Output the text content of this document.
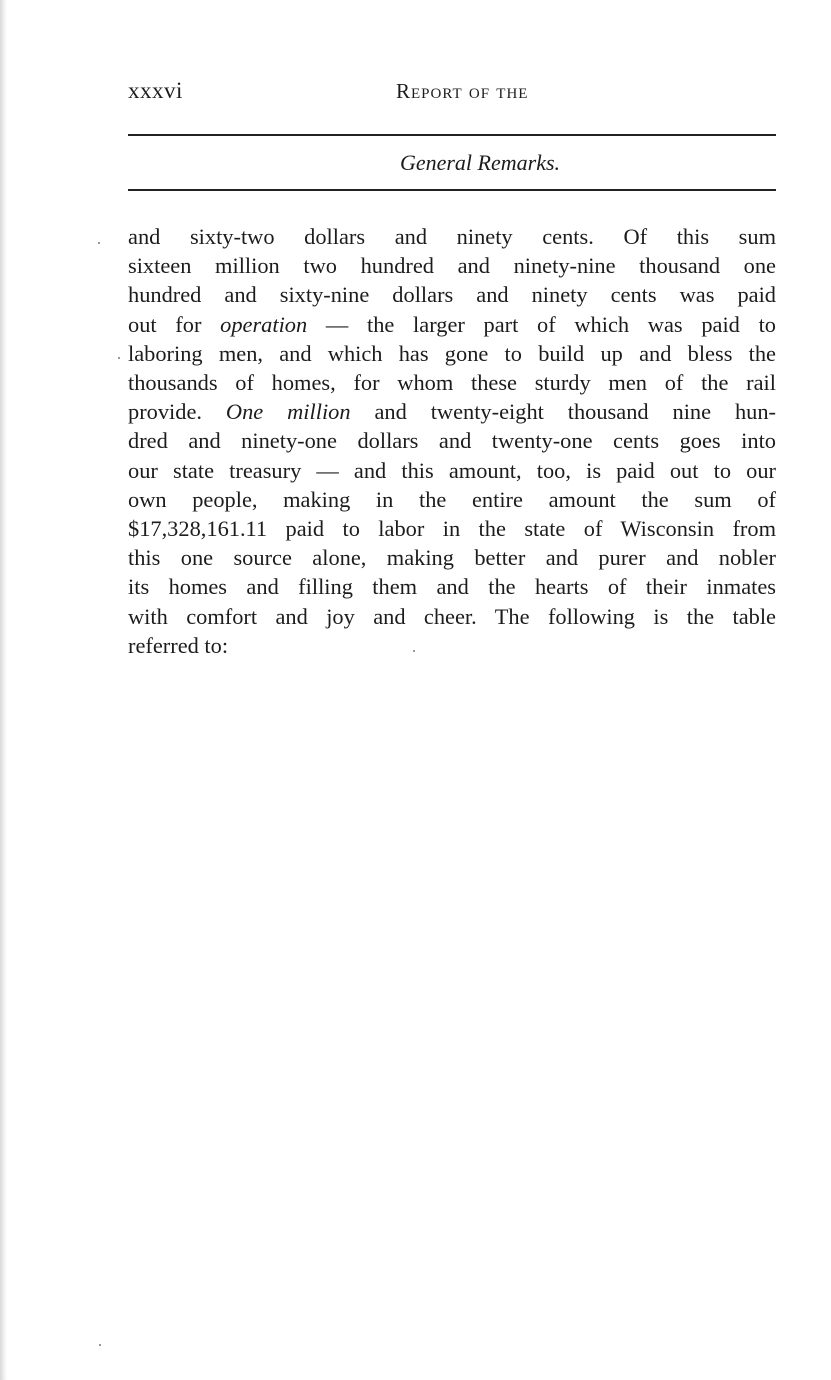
xxxvi	Report of the
General Remarks.
and sixty-two dollars and ninety cents. Of this sum
sixteen million two hundred and ninety-nine thousand one
hundred and sixty-nine dollars and ninety cents was paid
out for operation — the larger part of which was paid to
laboring men, and which has gone to build up and bless the
thousands of homes, for whom these sturdy men of the rail
provide. One million and twenty-eight thousand nine hun-
dred and ninety-one dollars and twenty-one cents goes into
our state treasury — and this amount, too, is paid out to our
own people, making in the entire amount the sum of
$17,328,161.11 paid to labor in the state of Wisconsin from
this one source alone, making better and purer and nobler
its homes and filling them and the hearts of their inmates
with comfort and joy and cheer. The following is the table
referred to:
